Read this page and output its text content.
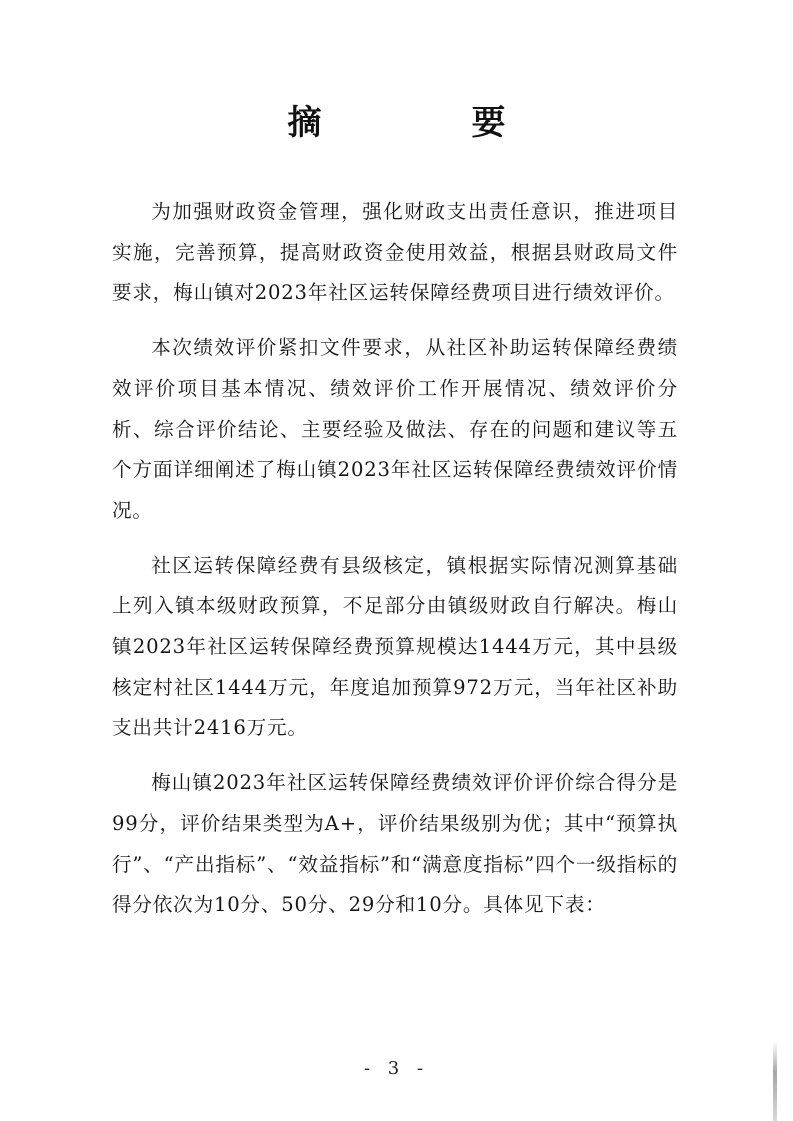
摘　要

为加强财政资金管理，强化财政支出责任意识，推进项目实施，完善预算，提高财政资金使用效益，根据县财政局文件要求，梅山镇对2023年社区运转保障经费项目进行绩效评价。

本次绩效评价紧扣文件要求，从社区补助运转保障经费绩效评价项目基本情况、绩效评价工作开展情况、绩效评价分析、综合评价结论、主要经验及做法、存在的问题和建议等五个方面详细阐述了梅山镇2023年社区运转保障经费绩效评价情况。

社区运转保障经费有县级核定，镇根据实际情况测算基础上列入镇本级财政预算，不足部分由镇级财政自行解决。梅山镇2023年社区运转保障经费预算规模达1444万元，其中县级核定村社区1444万元，年度追加预算972万元，当年社区补助支出共计2416万元。

梅山镇2023年社区运转保障经费绩效评价评价综合得分是99分，评价结果类型为A+，评价结果级别为优；其中“预算执行”、“产出指标”、“效益指标”和“满意度指标”四个一级指标的得分依次为10分、50分、29分和10分。具体见下表：

- 3 -
